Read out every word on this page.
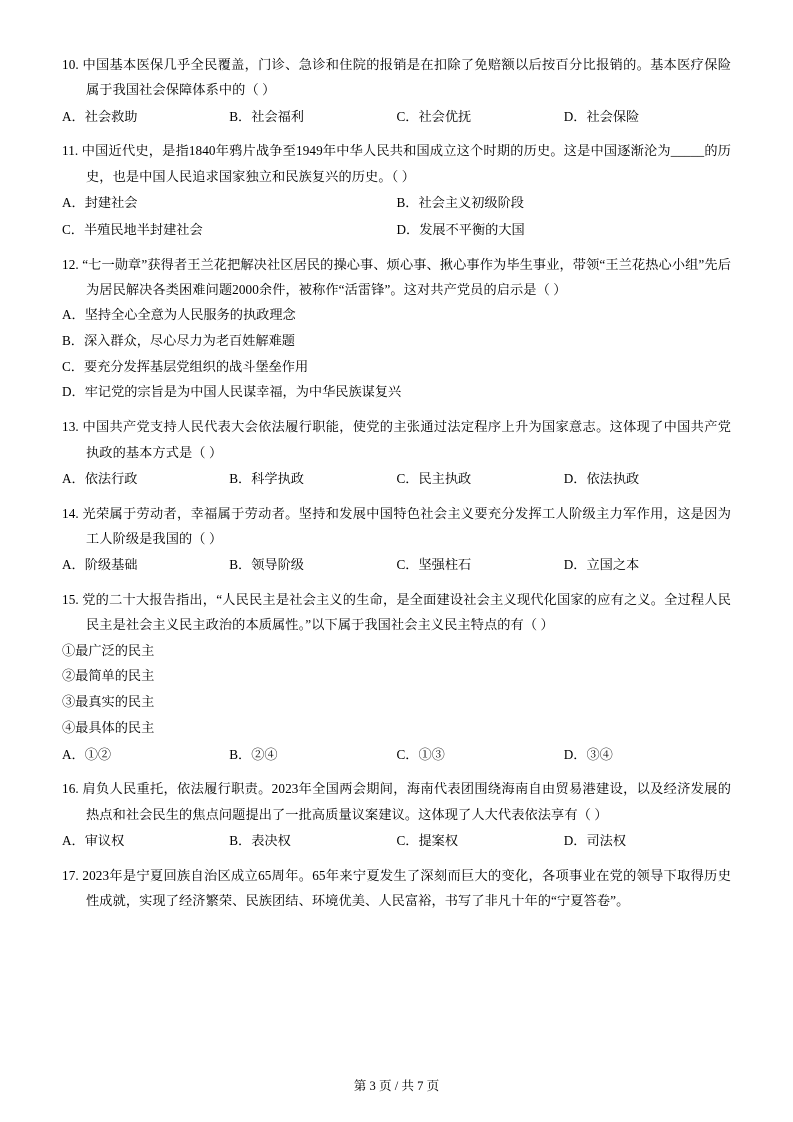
10. 中国基本医保几乎全民覆盖，门诊、急诊和住院的报销是在扣除了免赔额以后按百分比报销的。基本医疗保险属于我国社会保障体系中的（ ）
A．社会救助	B．社会福利	C．社会优抚	D．社会保险
11. 中国近代史，是指1840年鸦片战争至1949年中华人民共和国成立这个时期的历史。这是中国逐渐沦为_____的历史，也是中国人民追求国家独立和民族复兴的历史。（ ）
A．封建社会	B．社会主义初级阶段
C．半殖民地半封建社会	D．发展不平衡的大国
12. “七一勋章”获得者王兰花把解决社区居民的操心事、烦心事、揪心事作为毕生事业，带领“王兰花热心小组”先后为居民解决各类困难问题2000余件，被称作“活雷锋”。这对共产党员的启示是（ ）
A．坚持全心全意为人民服务的执政理念
B．深入群众，尽心尽力为老百姓解难题
C．要充分发挥基层党组织的战斗堡垒作用
D．牢记党的宗旨是为中国人民谋幸福，为中华民族谋复兴
13. 中国共产党支持人民代表大会依法履行职能，使党的主张通过法定程序上升为国家意志。这体现了中国共产党执政的基本方式是（ ）
A．依法行政	B．科学执政	C．民主执政	D．依法执政
14. 光荣属于劳动者，幸福属于劳动者。坚持和发展中国特色社会主义要充分发挥工人阶级主力军作用，这是因为工人阶级是我国的（ ）
A．阶级基础	B．领导阶级	C．坚强柱石	D．立国之本
15. 党的二十大报告指出，“人民民主是社会主义的生命，是全面建设社会主义现代化国家的应有之义。全过程人民民主是社会主义民主政治的本质属性。”以下属于我国社会主义民主特点的有（ ）
①最广泛的民主
②最简单的民主
③最真实的民主
④最具体的民主
A．①②	B．②④	C．①③	D．③④
16. 肩负人民重托，依法履行职责。2023年全国两会期间，海南代表团围绕海南自由贸易港建设，以及经济发展的热点和社会民生的焦点问题提出了一批高质量议案建议。这体现了人大代表依法享有（ ）
A．审议权	B．表决权	C．提案权	D．司法权
17. 2023年是宁夏回族自治区成立65周年。65年来宁夏发生了深刻而巨大的变化，各项事业在党的领导下取得历史性成就，实现了经济繁荣、民族团结、环境优美、人民富裕，书写了非凡十年的“宁夏答卷”。
第 3 页 / 共 7 页
